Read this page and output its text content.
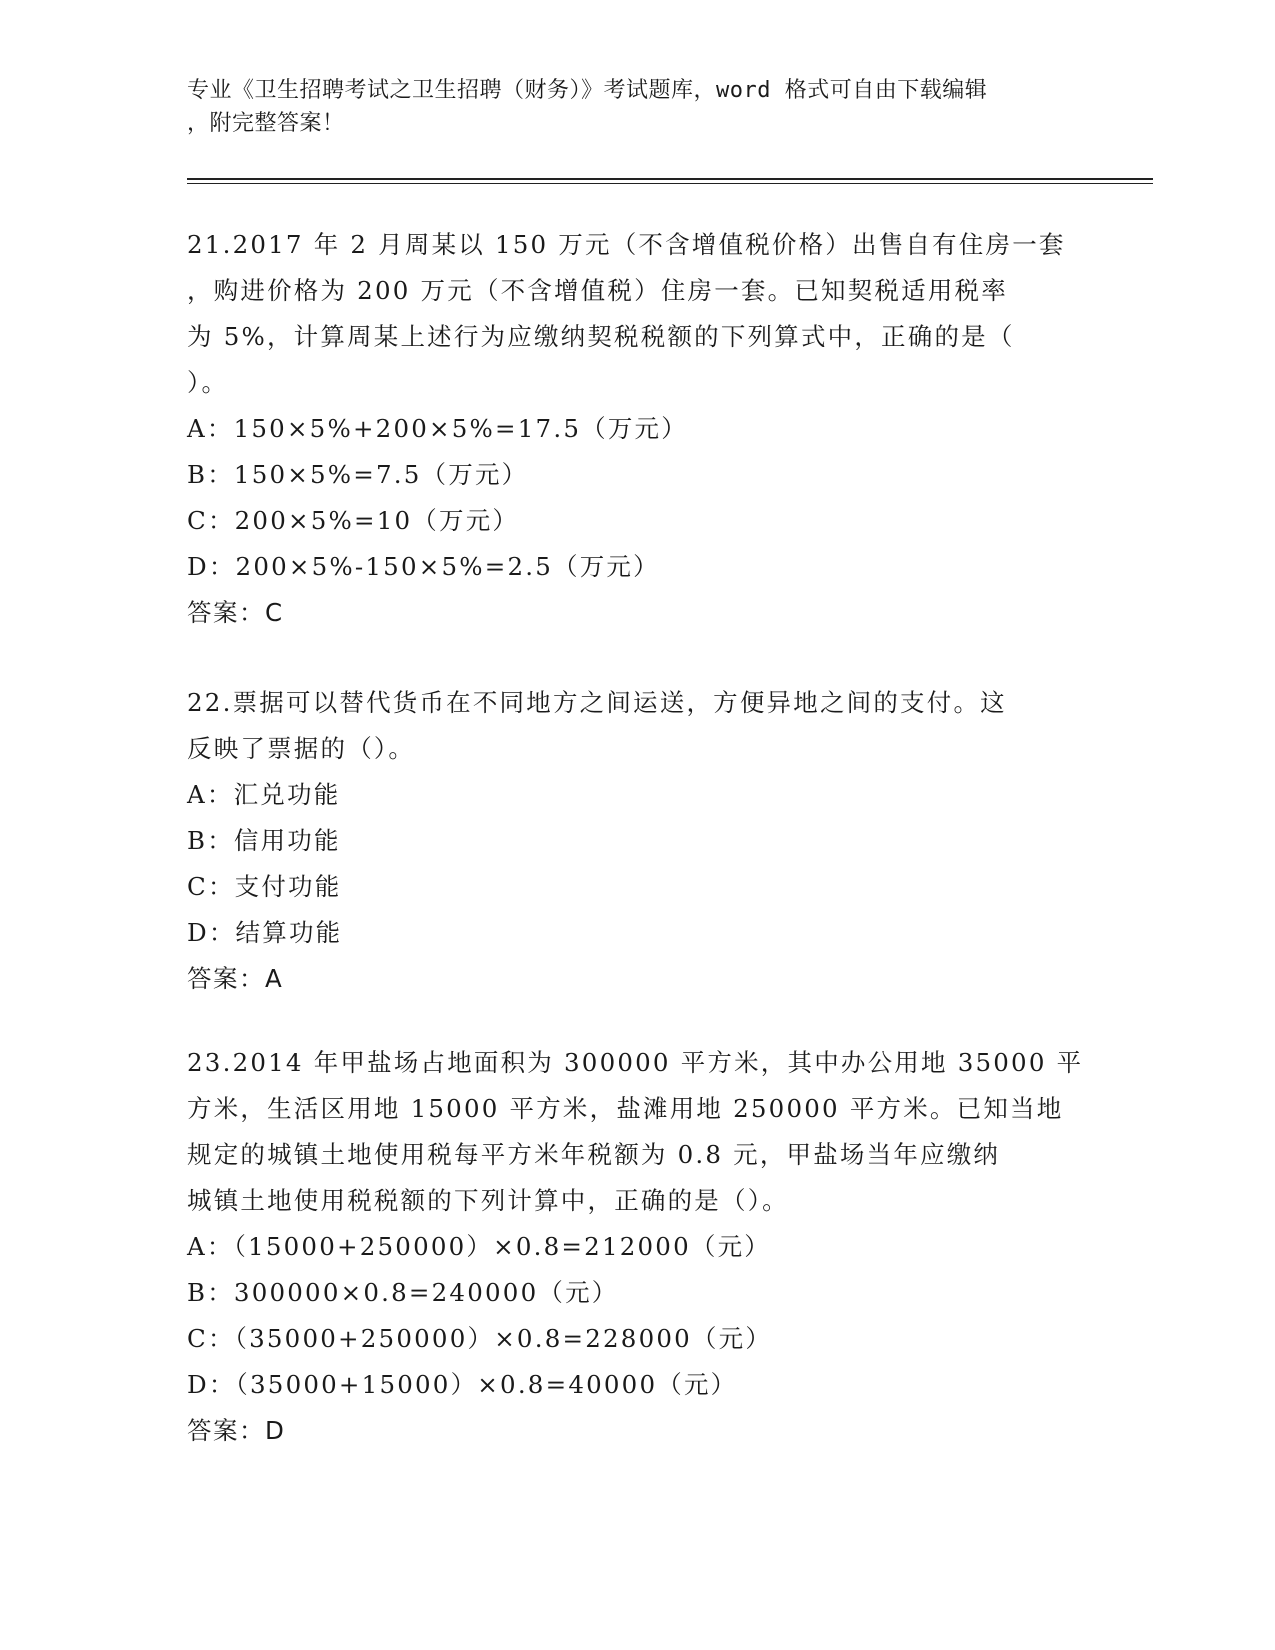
专业《卫生招聘考试之卫生招聘（财务）》考试题库，word 格式可自由下载编辑
，附完整答案！
21.2017 年 2 月周某以 150 万元（不含增值税价格）出售自有住房一套
，购进价格为 200 万元（不含增值税）住房一套。已知契税适用税率
为 5%，计算周某上述行为应缴纳契税税额的下列算式中，正确的是（
）。
A：150×5%+200×5%=17.5（万元）
B：150×5%=7.5（万元）
C：200×5%=10（万元）
D：200×5%-150×5%=2.5（万元）
答案：C
22.票据可以替代货币在不同地方之间运送，方便异地之间的支付。这
反映了票据的（）。
A：汇兑功能
B：信用功能
C：支付功能
D：结算功能
答案：A
23.2014 年甲盐场占地面积为 300000 平方米，其中办公用地 35000 平
方米，生活区用地 15000 平方米，盐滩用地 250000 平方米。已知当地
规定的城镇土地使用税每平方米年税额为 0.8 元，甲盐场当年应缴纳
城镇土地使用税税额的下列计算中，正确的是（）。
A：（15000+250000）×0.8=212000（元）
B：300000×0.8=240000（元）
C：（35000+250000）×0.8=228000（元）
D：（35000+15000）×0.8=40000（元）
答案：D
